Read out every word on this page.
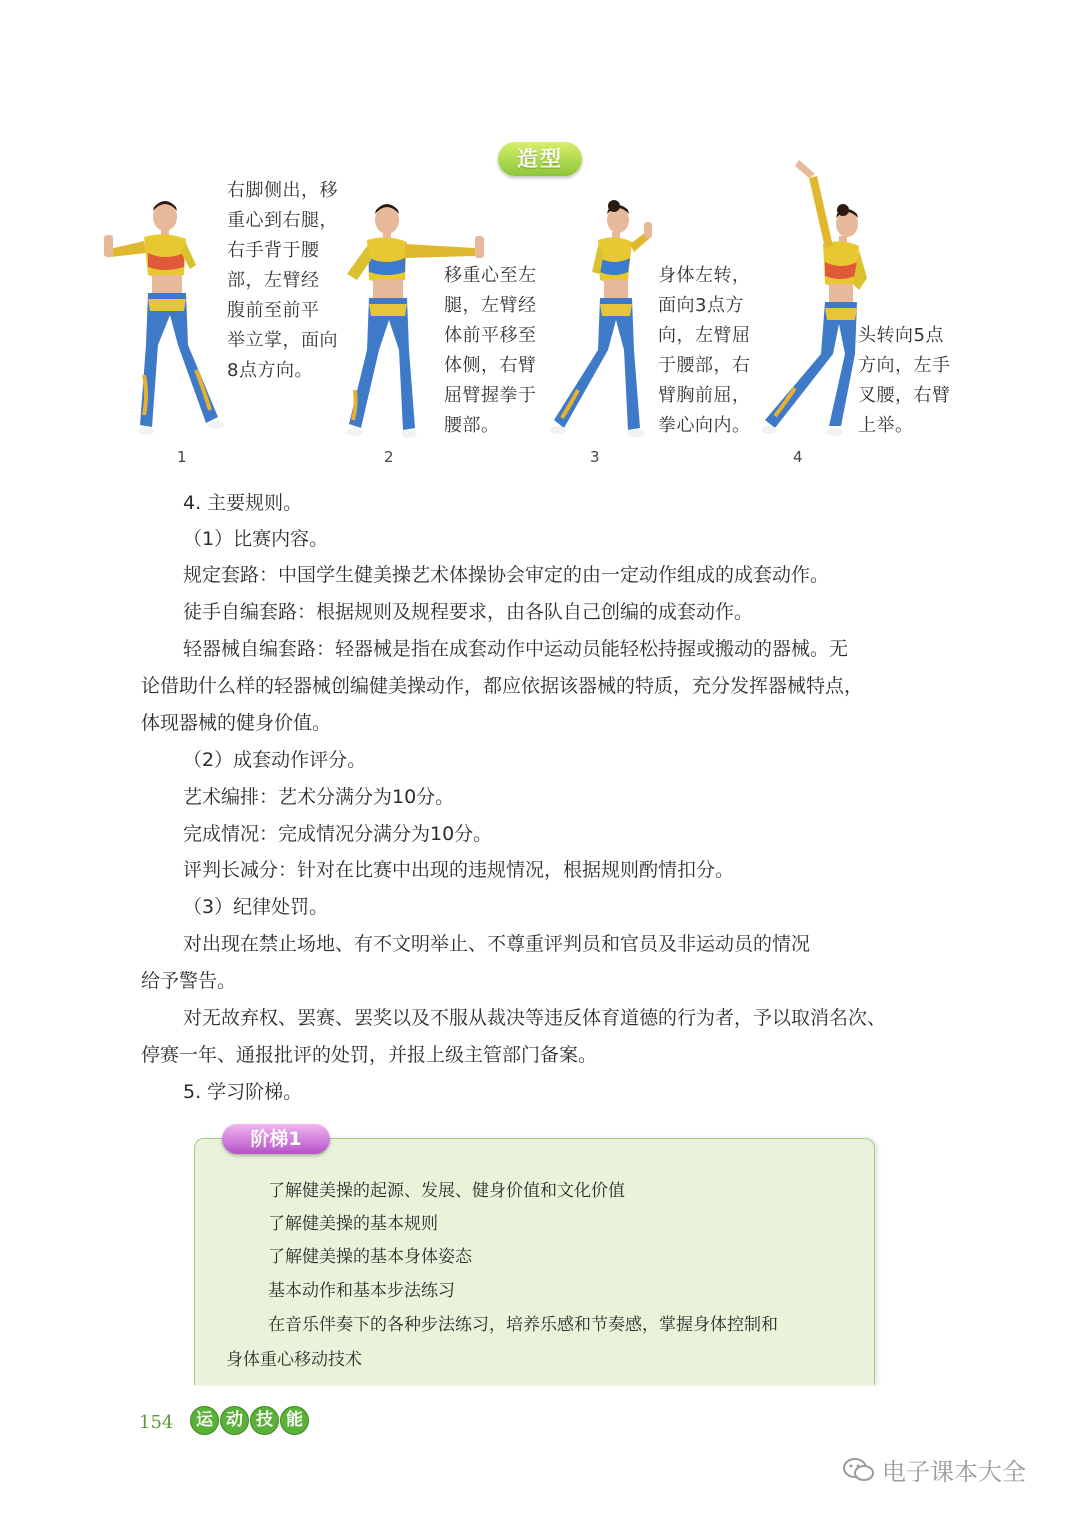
造型
右脚侧出，移
重心到右腿，
右手背于腰
部，左臂经
腹前至前平
举立掌，面向
8点方向。
1
移重心至左
腿，左臂经
体前平移至
体侧，右臂
屈臂握拳于
腰部。
2
身体左转，
面向3点方
向，左臂屈
于腰部，右
臂胸前屈，
拳心向内。
3
头转向5点
方向，左手
叉腰，右臂
上举。
4
4. 主要规则。
（1）比赛内容。
规定套路：中国学生健美操艺术体操协会审定的由一定动作组成的成套动作。
徒手自编套路：根据规则及规程要求，由各队自己创编的成套动作。
轻器械自编套路：轻器械是指在成套动作中运动员能轻松持握或搬动的器械。无
论借助什么样的轻器械创编健美操动作，都应依据该器械的特质，充分发挥器械特点，
体现器械的健身价值。
（2）成套动作评分。
艺术编排：艺术分满分为10分。
完成情况：完成情况分满分为10分。
评判长减分：针对在比赛中出现的违规情况，根据规则酌情扣分。
（3）纪律处罚。
对出现在禁止场地、有不文明举止、不尊重评判员和官员及非运动员的情况
给予警告。
对无故弃权、罢赛、罢奖以及不服从裁决等违反体育道德的行为者，予以取消名次、
停赛一年、通报批评的处罚，并报上级主管部门备案。
5. 学习阶梯。
阶梯1
了解健美操的起源、发展、健身价值和文化价值
了解健美操的基本规则
了解健美操的基本身体姿态
基本动作和基本步法练习
在音乐伴奏下的各种步法练习，培养乐感和节奏感，掌握身体控制和
身体重心移动技术
154	运 动 技 能
电子课本大全
